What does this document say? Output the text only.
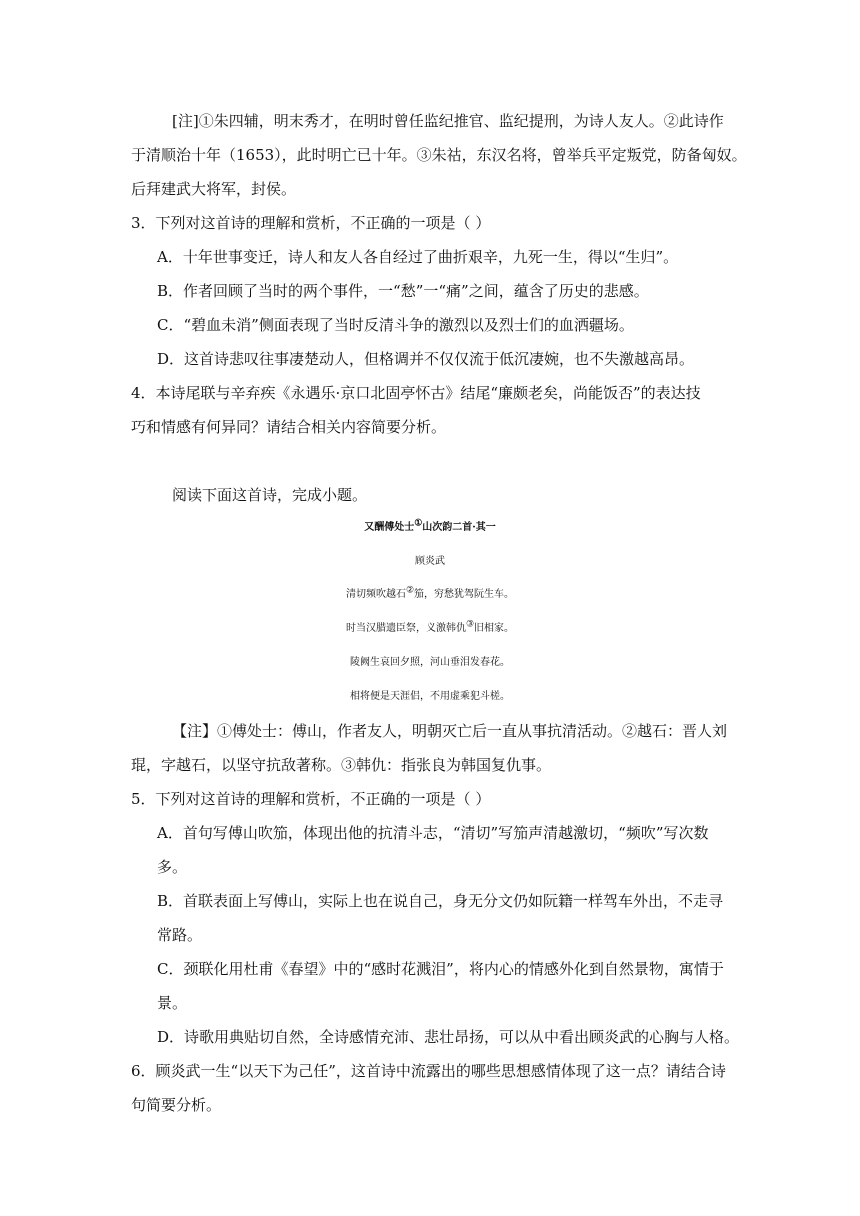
[注]①朱四辅，明末秀才，在明时曾任监纪推官、监纪提刑，为诗人友人。②此诗作
于清顺治十年（1653），此时明亡已十年。③朱祜，东汉名将，曾举兵平定叛党，防备匈奴。
后拜建武大将军，封侯。
3．下列对这首诗的理解和赏析，不正确的一项是（ ）
A．十年世事变迁，诗人和友人各自经过了曲折艰辛，九死一生，得以“生归”。
B．作者回顾了当时的两个事件，一“愁”一“痛”之间，蕴含了历史的悲感。
C．“碧血未消”侧面表现了当时反清斗争的激烈以及烈士们的血洒疆场。
D．这首诗悲叹往事凄楚动人，但格调并不仅仅流于低沉凄婉，也不失激越高昂。
4．本诗尾联与辛弃疾《永遇乐·京口北固亭怀古》结尾“廉颇老矣，尚能饭否”的表达技
巧和情感有何异同？请结合相关内容简要分析。
阅读下面这首诗，完成小题。
又酬傅处士①山次韵二首·其一
顾炎武
清切频吹越石②笳，穷愁犹驾阮生车。
时当汉腊遗臣祭，义激韩仇③旧相家。
陵阙生哀回夕照，河山垂泪发春花。
相将便是天涯侣，不用虚乘犯斗槎。
【注】①傅处士：傅山，作者友人，明朝灭亡后一直从事抗清活动。②越石：晋人刘
琨，字越石，以坚守抗敌著称。③韩仇：指张良为韩国复仇事。
5．下列对这首诗的理解和赏析，不正确的一项是（ ）
A．首句写傅山吹笳，体现出他的抗清斗志，“清切”写笳声清越激切，“频吹”写次数
多。
B．首联表面上写傅山，实际上也在说自己，身无分文仍如阮籍一样驾车外出，不走寻
常路。
C．颈联化用杜甫《春望》中的“感时花溅泪”，将内心的情感外化到自然景物，寓情于
景。
D．诗歌用典贴切自然，全诗感情充沛、悲壮昂扬，可以从中看出顾炎武的心胸与人格。
6．顾炎武一生“以天下为己任”，这首诗中流露出的哪些思想感情体现了这一点？请结合诗
句简要分析。
